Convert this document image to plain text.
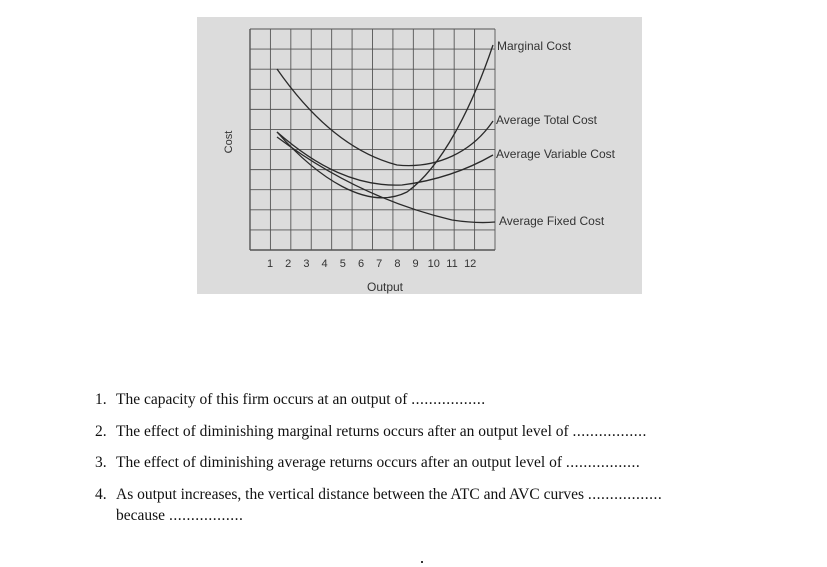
Cost
Output
1 2 3 4 5 6 7 8 9 10 11 12
Marginal Cost
Average Total Cost
Average Variable Cost
Average Fixed Cost
1. The capacity of this firm occurs at an output of .................
2. The effect of diminishing marginal returns occurs after an output level of .................
3. The effect of diminishing average returns occurs after an output level of .................
4. As output increases, the vertical distance between the ATC and AVC curves .................
because .................
